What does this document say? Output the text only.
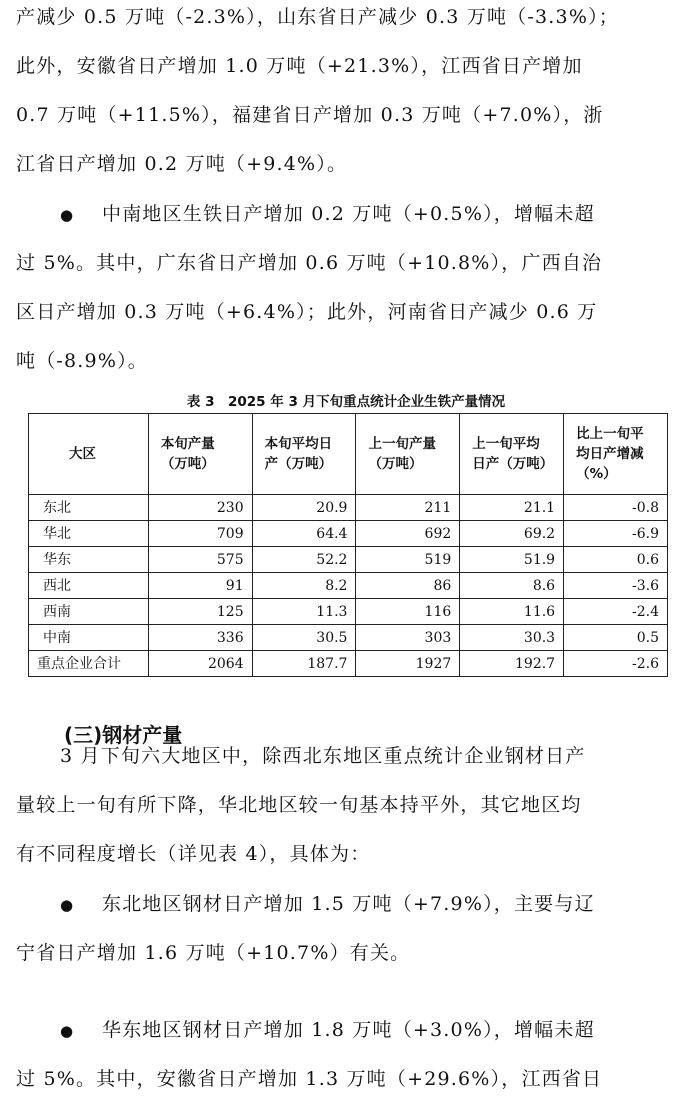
产减少 0.5 万吨（-2.3%），山东省日产减少 0.3 万吨（-3.3%）；

此外，安徽省日产增加 1.0 万吨（+21.3%），江西省日产增加

0.7 万吨（+11.5%），福建省日产增加 0.3 万吨（+7.0%），浙

江省日产增加 0.2 万吨（+9.4%）。

● 中南地区生铁日产增加 0.2 万吨（+0.5%），增幅未超

过 5%。其中，广东省日产增加 0.6 万吨（+10.8%），广西自治

区日产增加 0.3 万吨（+6.4%）；此外，河南省日产减少 0.6 万

吨（-8.9%）。

表 3　2025 年 3 月下旬重点统计企业生铁产量情况
大区	本旬产量（万吨）	本旬平均日产（万吨）	上一旬产量（万吨）	上一旬平均日产（万吨）	比上一旬平均日产增减（%）
东北	230	20.9	211	21.1	-0.8
华北	709	64.4	692	69.2	-6.9
华东	575	52.2	519	51.9	0.6
西北	91	8.2	86	8.6	-3.6
西南	125	11.3	116	11.6	-2.4
中南	336	30.5	303	30.3	0.5
重点企业合计	2064	187.7	1927	192.7	-2.6
(三)钢材产量

3 月下旬六大地区中，除西北东地区重点统计企业钢材日产

量较上一旬有所下降，华北地区较一旬基本持平外，其它地区均

有不同程度增长（详见表 4），具体为：

● 东北地区钢材日产增加 1.5 万吨（+7.9%），主要与辽

宁省日产增加 1.6 万吨（+10.7%）有关。

● 华东地区钢材日产增加 1.8 万吨（+3.0%），增幅未超

过 5%。其中，安徽省日产增加 1.3 万吨（+29.6%），江西省日
